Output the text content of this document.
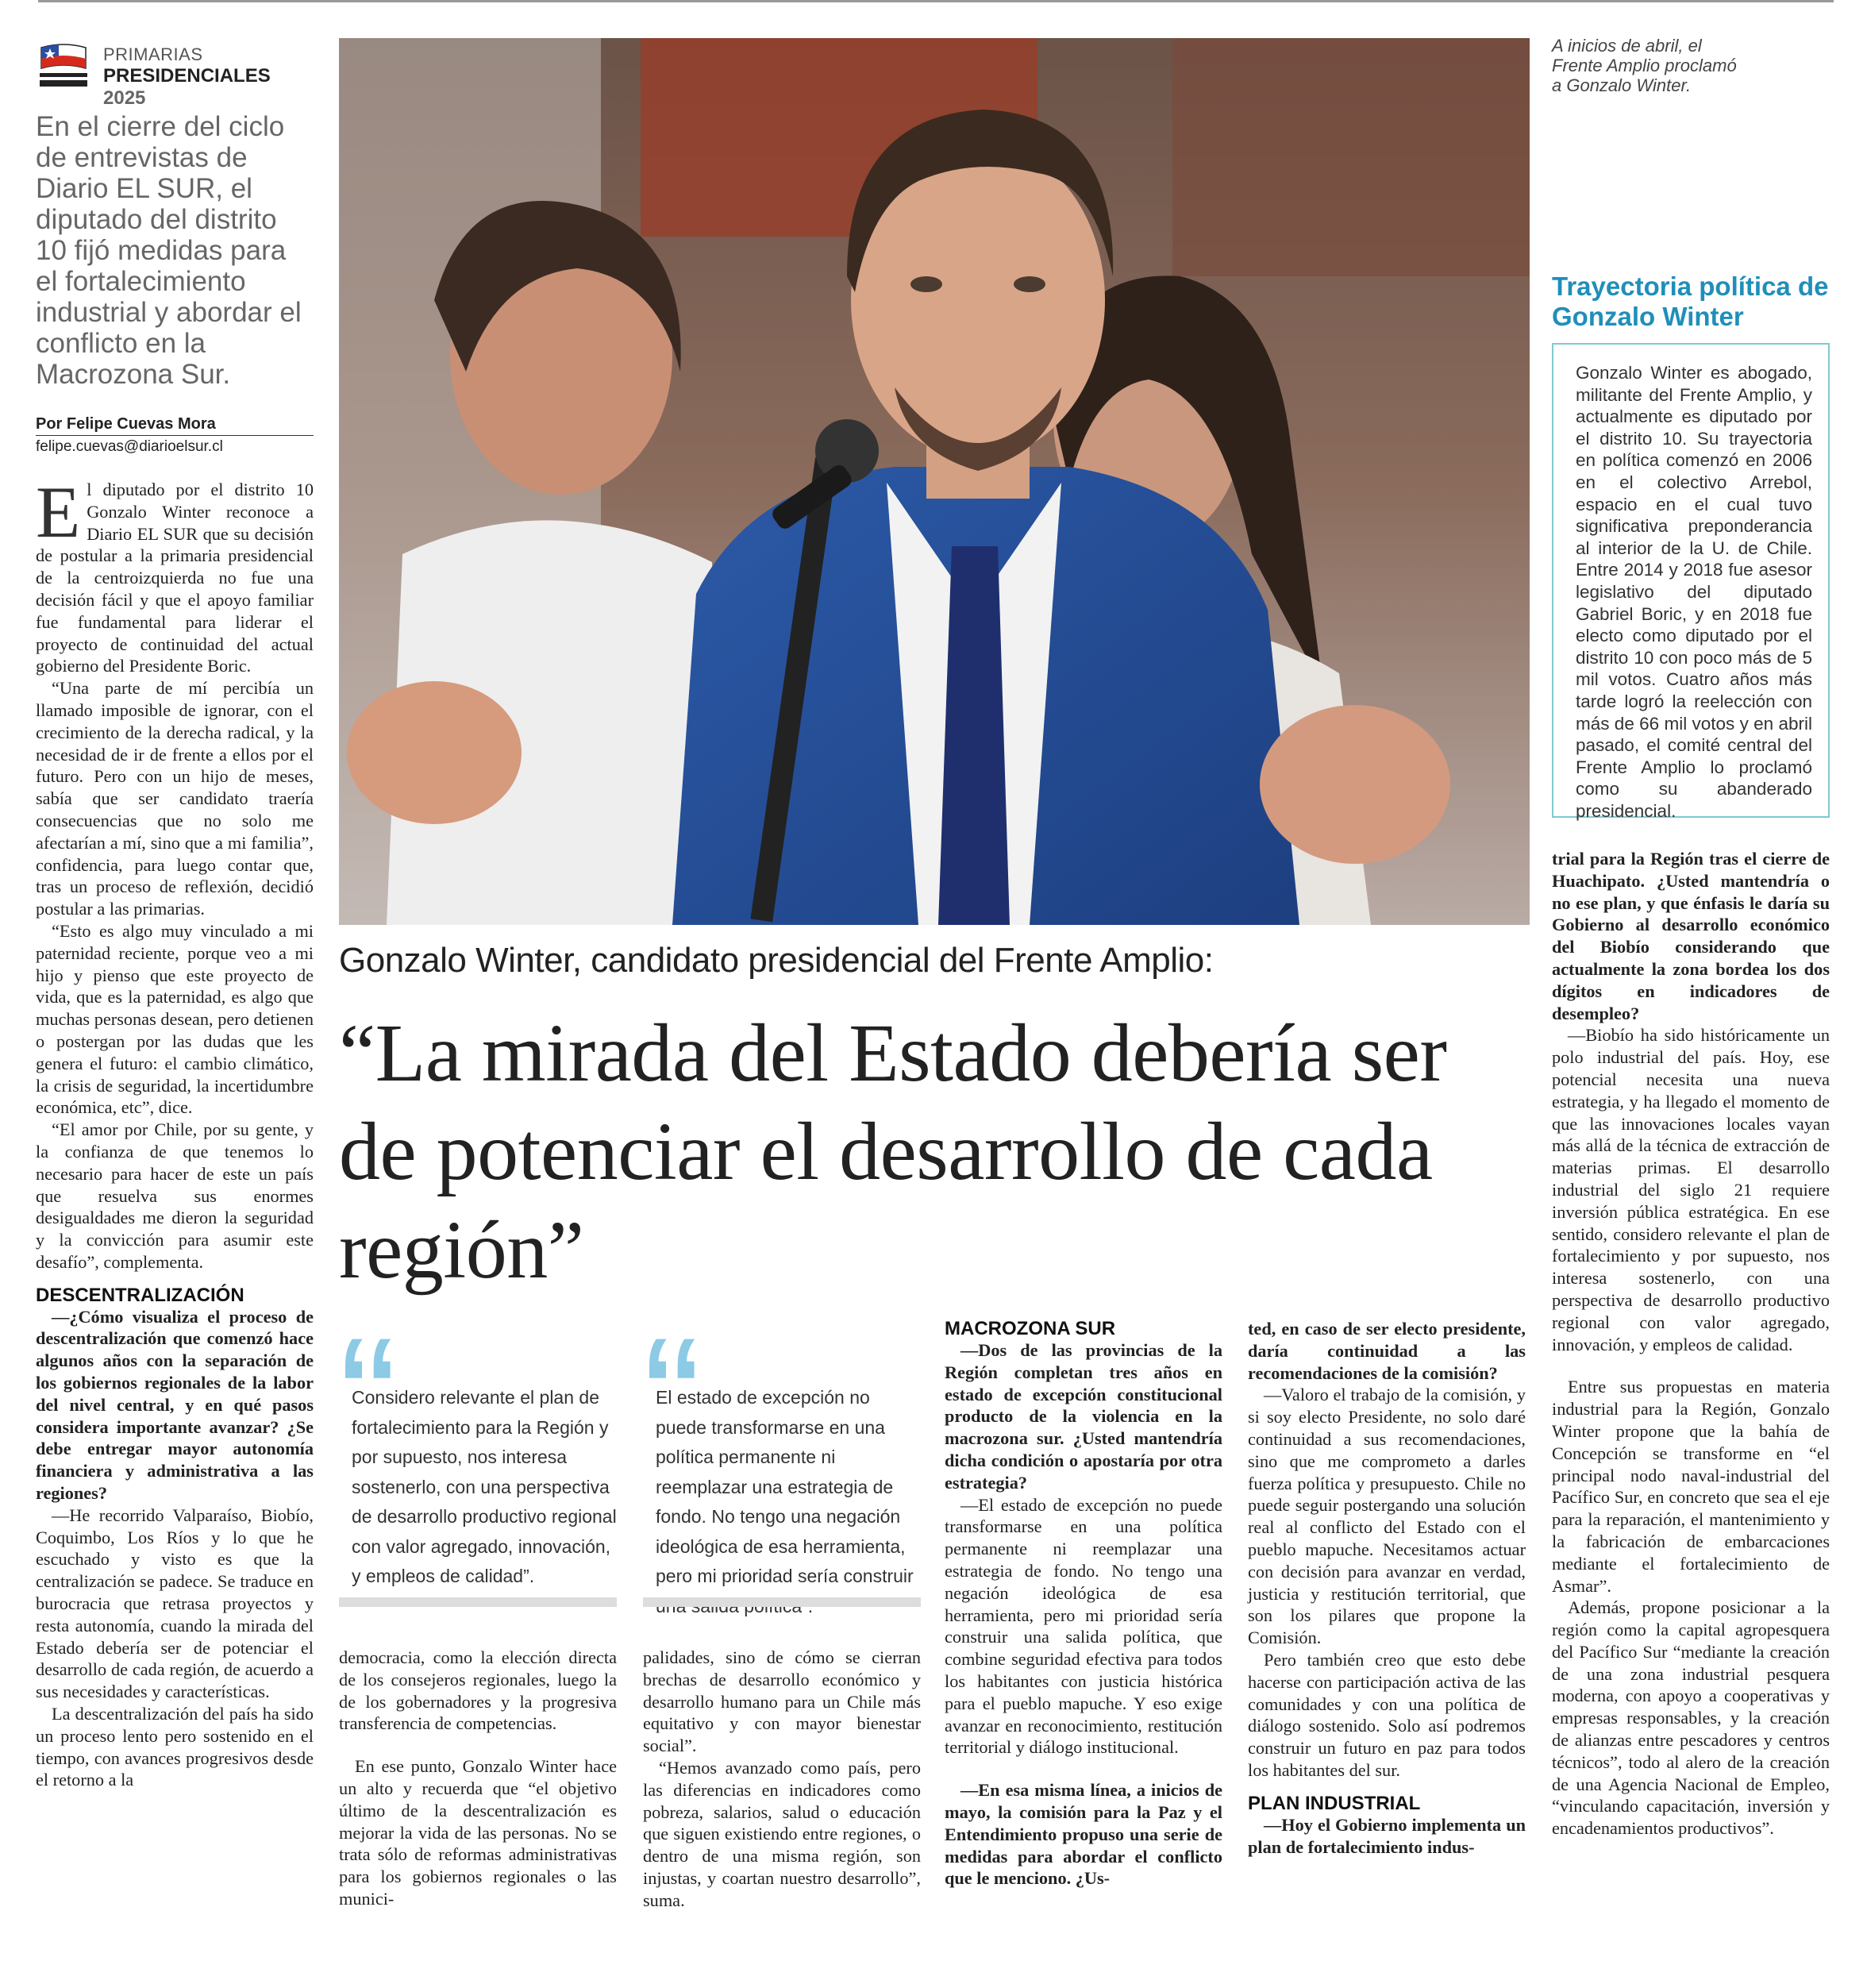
PRIMARIAS
PRESIDENCIALES 2025
En el cierre del ciclo de entrevistas de Diario EL SUR, el diputado del distrito 10 fijó medidas para el fortalecimiento industrial y abordar el conflicto en la Macrozona Sur.
Por Felipe Cuevas Mora
felipe.cuevas@diarioelsur.cl

El diputado por el distrito 10 Gonzalo Winter reconoce a Diario EL SUR que su decisión de postular a la primaria presidencial de la centroizquierda no fue una decisión fácil y que el apoyo familiar fue fundamental para liderar el proyecto de continuidad del actual gobierno del Presidente Boric.

“Una parte de mí percibía un llamado imposible de ignorar, con el crecimiento de la derecha radical, y la necesidad de ir de frente a ellos por el futuro. Pero con un hijo de meses, sabía que ser candidato traería consecuencias que no solo me afectarían a mí, sino que a mi familia”, confidencia, para luego contar que, tras un proceso de reflexión, decidió postular a las primarias.

“Esto es algo muy vinculado a mi paternidad reciente, porque veo a mi hijo y pienso que este proyecto de vida, que es la paternidad, es algo que muchas personas desean, pero detienen o postergan por las dudas que les genera el futuro: el cambio climático, la crisis de seguridad, la incertidumbre económica, etc”, dice.

“El amor por Chile, por su gente, y la confianza de que tenemos lo necesario para hacer de este un país que resuelva sus enormes desigualdades me dieron la seguridad y la convicción para asumir este desafío”, complementa.

DESCENTRALIZACIÓN

—¿Cómo visualiza el proceso de descentralización que comenzó hace algunos años con la separación de los gobiernos regionales de la labor del nivel central, y en qué pasos considera importante avanzar? ¿Se debe entregar mayor autonomía financiera y administrativa a las regiones?

—He recorrido Valparaíso, Biobío, Coquimbo, Los Ríos y lo que he escuchado y visto es que la centralización se padece. Se traduce en burocracia que retrasa proyectos y resta autonomía, cuando la mirada del Estado debería ser de potenciar el desarrollo de cada región, de acuerdo a sus necesidades y características.

La descentralización del país ha sido un proceso lento pero sostenido en el tiempo, con avances progresivos desde el retorno a la

A inicios de abril, el Frente Amplio proclamó a Gonzalo Winter.
Trayectoria política de Gonzalo Winter
Gonzalo Winter es abogado, militante del Frente Amplio, y actualmente es diputado por el distrito 10. Su trayectoria en política comenzó en 2006 en el colectivo Arrebol, espacio en el cual tuvo significativa preponderancia al interior de la U. de Chile. Entre 2014 y 2018 fue asesor legislativo del diputado Gabriel Boric, y en 2018 fue electo como diputado por el distrito 10 con poco más de 5 mil votos. Cuatro años más tarde logró la reelección con más de 66 mil votos y en abril pasado, el comité central del Frente Amplio lo proclamó como su abanderado presidencial.

trial para la Región tras el cierre de Huachipato. ¿Usted mantendría o no ese plan, y que énfasis le daría su Gobierno al desarrollo económico del Biobío considerando que actualmente la zona bordea los dos dígitos en indicadores de desempleo?

—Biobío ha sido históricamente un polo industrial del país. Hoy, ese potencial necesita una nueva estrategia, y ha llegado el momento de que las innovaciones locales vayan más allá de la técnica de extracción de materias primas. El desarrollo industrial del siglo 21 requiere inversión pública estratégica. En ese sentido, considero relevante el plan de fortalecimiento y por supuesto, nos interesa sostenerlo, con una perspectiva de desarrollo productivo regional con valor agregado, innovación, y empleos de calidad.

Entre sus propuestas en materia industrial para la Región, Gonzalo Winter propone que la bahía de Concepción se transforme en “el principal nodo naval-industrial del Pacífico Sur, en concreto que sea el eje para la reparación, el mantenimiento y la fabricación de embarcaciones mediante el fortalecimiento de Asmar”.

Además, propone posicionar a la región como la capital agropesquera del Pacífico Sur “mediante la creación de una zona industrial pesquera moderna, con apoyo a cooperativas y empresas responsables, y la creación de alianzas entre pescadores y centros técnicos”, todo al alero de la creación de una Agencia Nacional de Empleo, “vinculando capacitación, inversión y encadenamientos productivos”.

Gonzalo Winter, candidato presidencial del Frente Amplio:
“La mirada del Estado debería ser de potenciar el desarrollo de cada región”
“
Considero relevante el plan de fortalecimiento para la Región y por supuesto, nos interesa sostenerlo, con una perspectiva de desarrollo productivo regional con valor agregado, innovación, y empleos de calidad”.
“
El estado de excepción no puede transformarse en una política permanente ni reemplazar una estrategia de fondo. No tengo una negación ideológica de esa herramienta, pero mi prioridad sería construir

democracia, como la elección directa de los consejeros regionales, luego la de los gobernadores y la progresiva transferencia de competencias.

En ese punto, Gonzalo Winter hace un alto y recuerda que “el objetivo último de la descentralización es mejorar la vida de las personas. No se trata sólo de reformas administrativas para los gobiernos regionales o las munici-

palidades, sino de cómo se cierran brechas de desarrollo económico y desarrollo humano para un Chile más equitativo y con mayor bienestar social”.

“Hemos avanzado como país, pero las diferencias en indicadores como pobreza, salarios, salud o educación que siguen existiendo entre regiones, o dentro de una misma región, son injustas, y coartan nuestro desarrollo”, suma.

MACROZONA SUR

—Dos de las provincias de la Región completan tres años en estado de excepción constitucional producto de la violencia en la macrozona sur. ¿Usted mantendría dicha condición o apostaría por otra estrategia?

—El estado de excepción no puede transformarse en una política permanente ni reemplazar una estrategia de fondo. No tengo una negación ideológica de esa herramienta, pero mi prioridad sería construir una salida política, que combine seguridad efectiva para todos los habitantes con justicia histórica para el pueblo mapuche. Y eso exige avanzar en reconocimiento, restitución territorial y diálogo institucional.

—En esa misma línea, a inicios de mayo, la comisión para la Paz y el Entendimiento propuso una serie de medidas para abordar el conflicto que le menciono. ¿Us-

ted, en caso de ser electo presidente, daría continuidad a las recomendaciones de la comisión?

—Valoro el trabajo de la comisión, y si soy electo Presidente, no solo daré continuidad a sus recomendaciones, sino que me comprometo a darles fuerza política y presupuesto. Chile no puede seguir postergando una solución real al conflicto del Estado con el pueblo mapuche. Necesitamos actuar con decisión para avanzar en verdad, justicia y restitución territorial, que son los pilares que propone la Comisión.

Pero también creo que esto debe hacerse con participación activa de las comunidades y con una política de diálogo sostenido. Solo así podremos construir un futuro en paz para todos los habitantes del sur.

PLAN INDUSTRIAL

—Hoy el Gobierno implementa un plan de fortalecimiento indus-
